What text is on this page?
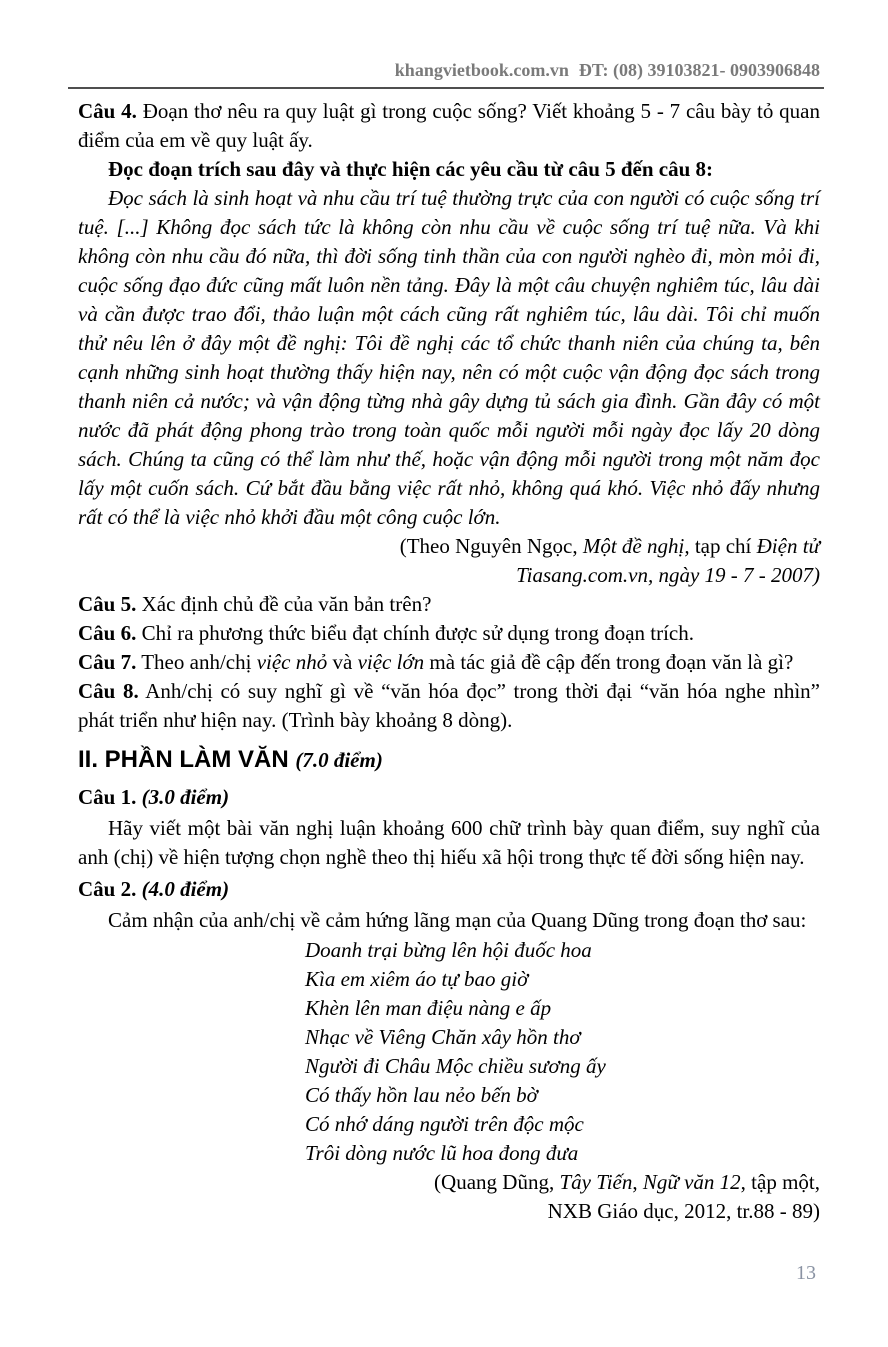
khangvietbook.com.vn ĐT: (08) 39103821- 0903906848

Câu 4. Đoạn thơ nêu ra quy luật gì trong cuộc sống? Viết khoảng 5 - 7 câu bày tỏ quan điểm của em về quy luật ấy.

Đọc đoạn trích sau đây và thực hiện các yêu cầu từ câu 5 đến câu 8:

Đọc sách là sinh hoạt và nhu cầu trí tuệ thường trực của con người có cuộc sống trí tuệ. [...] Không đọc sách tức là không còn nhu cầu về cuộc sống trí tuệ nữa. Và khi không còn nhu cầu đó nữa, thì đời sống tinh thần của con người nghèo đi, mòn mỏi đi, cuộc sống đạo đức cũng mất luôn nền tảng. Đây là một câu chuyện nghiêm túc, lâu dài và cần được trao đổi, thảo luận một cách cũng rất nghiêm túc, lâu dài. Tôi chỉ muốn thử nêu lên ở đây một đề nghị: Tôi đề nghị các tổ chức thanh niên của chúng ta, bên cạnh những sinh hoạt thường thấy hiện nay, nên có một cuộc vận động đọc sách trong thanh niên cả nước; và vận động từng nhà gây dựng tủ sách gia đình. Gần đây có một nước đã phát động phong trào trong toàn quốc mỗi người mỗi ngày đọc lấy 20 dòng sách. Chúng ta cũng có thể làm như thế, hoặc vận động mỗi người trong một năm đọc lấy một cuốn sách. Cứ bắt đầu bằng việc rất nhỏ, không quá khó. Việc nhỏ đấy nhưng rất có thể là việc nhỏ khởi đầu một công cuộc lớn.

(Theo Nguyên Ngọc, Một đề nghị, tạp chí Điện tử
Tiasang.com.vn, ngày 19 - 7 - 2007)

Câu 5. Xác định chủ đề của văn bản trên?

Câu 6. Chỉ ra phương thức biểu đạt chính được sử dụng trong đoạn trích.

Câu 7. Theo anh/chị việc nhỏ và việc lớn mà tác giả đề cập đến trong đoạn văn là gì?

Câu 8. Anh/chị có suy nghĩ gì về “văn hóa đọc” trong thời đại “văn hóa nghe nhìn” phát triển như hiện nay. (Trình bày khoảng 8 dòng).

II. PHẦN LÀM VĂN (7.0 điểm)

Câu 1. (3.0 điểm)

Hãy viết một bài văn nghị luận khoảng 600 chữ trình bày quan điểm, suy nghĩ của anh (chị) về hiện tượng chọn nghề theo thị hiếu xã hội trong thực tế đời sống hiện nay.

Câu 2. (4.0 điểm)

Cảm nhận của anh/chị về cảm hứng lãng mạn của Quang Dũng trong đoạn thơ sau:

Doanh trại bừng lên hội đuốc hoa
Kìa em xiêm áo tự bao giờ
Khèn lên man điệu nàng e ấp
Nhạc về Viêng Chăn xây hồn thơ
Người đi Châu Mộc chiều sương ấy
Có thấy hồn lau nẻo bến bờ
Có nhớ dáng người trên độc mộc
Trôi dòng nước lũ hoa đong đưa
(Quang Dũng, Tây Tiến, Ngữ văn 12, tập một,
NXB Giáo dục, 2012, tr.88 - 89)
13
